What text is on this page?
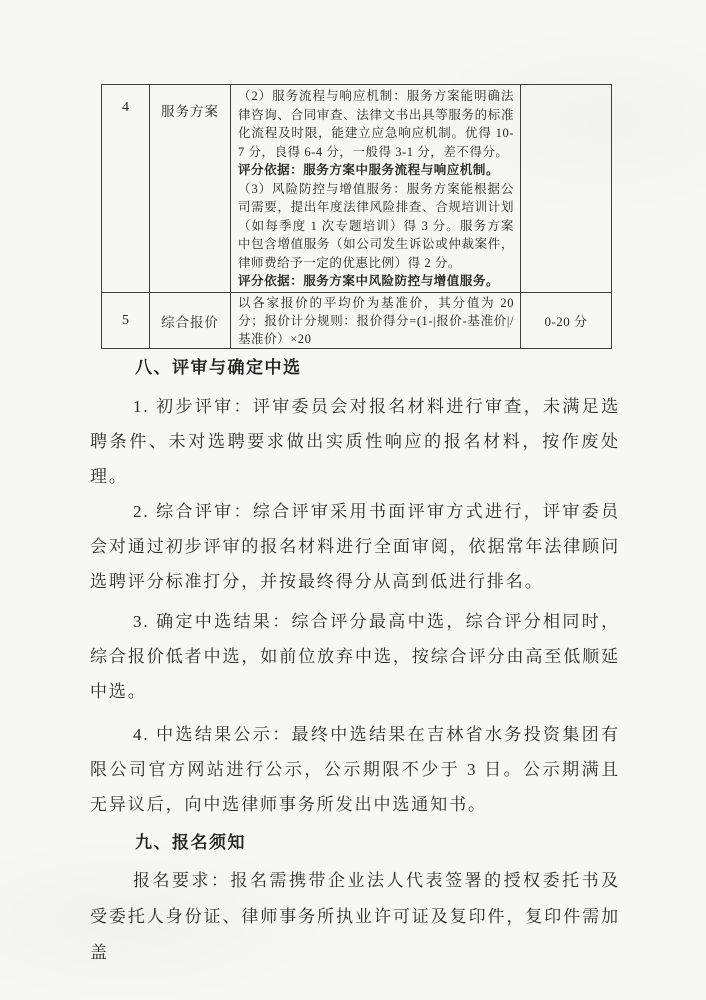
4	服务方案	（2）服务流程与响应机制：服务方案能明确法律咨询、合同审查、法律文书出具等服务的标准化流程及时限，能建立应急响应机制。优得 10-7 分，良得 6-4 分，一般得 3-1 分，差不得分。
评分依据：服务方案中服务流程与响应机制。
（3）风险防控与增值服务：服务方案能根据公司需要，提出年度法律风险排查、合规培训计划（如每季度 1 次专题培训）得 3 分。服务方案中包含增值服务（如公司发生诉讼或仲裁案件，律师费给予一定的优惠比例）得 2 分。
评分依据：服务方案中风险防控与增值服务。	

5	综合报价	以各家报价的平均价为基准价，其分值为 20 分；报价计分规则：报价得分=(1-|报价-基准价|/基准价）×20	0-20 分
八、评审与确定中选

1. 初步评审：评审委员会对报名材料进行审查，未满足选聘条件、未对选聘要求做出实质性响应的报名材料，按作废处理。

2. 综合评审：综合评审采用书面评审方式进行，评审委员会对通过初步评审的报名材料进行全面审阅，依据常年法律顾问选聘评分标准打分，并按最终得分从高到低进行排名。

3. 确定中选结果：综合评分最高中选，综合评分相同时，综合报价低者中选，如前位放弃中选，按综合评分由高至低顺延中选。

4. 中选结果公示：最终中选结果在吉林省水务投资集团有限公司官方网站进行公示，公示期限不少于 3 日。公示期满且无异议后，向中选律师事务所发出中选通知书。

九、报名须知

报名要求：报名需携带企业法人代表签署的授权委托书及受委托人身份证、律师事务所执业许可证及复印件，复印件需加盖
